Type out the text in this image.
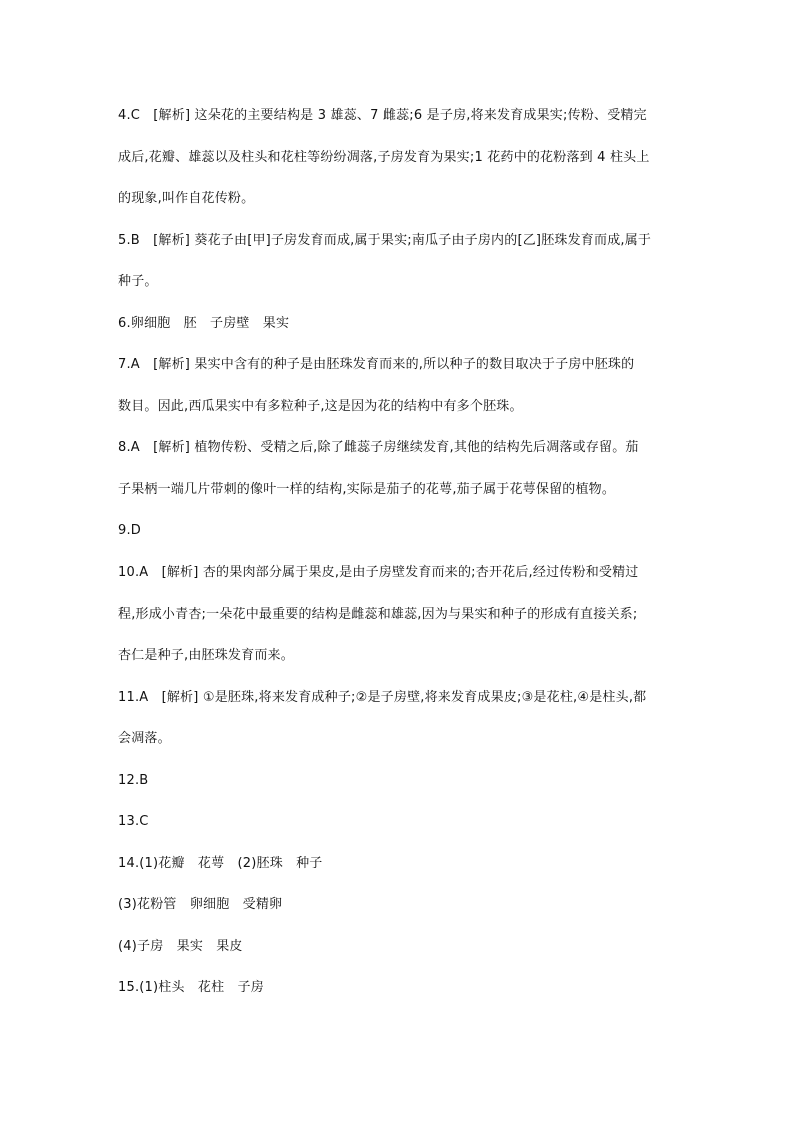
4.C　[解析] 这朵花的主要结构是 3 雄蕊、7 雌蕊;6 是子房,将来发育成果实;传粉、受精完
成后,花瓣、雄蕊以及柱头和花柱等纷纷凋落,子房发育为果实;1 花药中的花粉落到 4 柱头上
的现象,叫作自花传粉。
5.B　[解析] 葵花子由[甲]子房发育而成,属于果实;南瓜子由子房内的[乙]胚珠发育而成,属于
种子。
6.卵细胞　胚　子房壁　果实
7.A　[解析] 果实中含有的种子是由胚珠发育而来的,所以种子的数目取决于子房中胚珠的
数目。因此,西瓜果实中有多粒种子,这是因为花的结构中有多个胚珠。
8.A　[解析] 植物传粉、受精之后,除了雌蕊子房继续发育,其他的结构先后凋落或存留。茄
子果柄一端几片带刺的像叶一样的结构,实际是茄子的花萼,茄子属于花萼保留的植物。
9.D
10.A　[解析] 杏的果肉部分属于果皮,是由子房壁发育而来的;杏开花后,经过传粉和受精过
程,形成小青杏;一朵花中最重要的结构是雌蕊和雄蕊,因为与果实和种子的形成有直接关系;
杏仁是种子,由胚珠发育而来。
11.A　[解析] ①是胚珠,将来发育成种子;②是子房壁,将来发育成果皮;③是花柱,④是柱头,都
会凋落。
12.B
13.C
14.(1)花瓣　花萼　(2)胚珠　种子
(3)花粉管　卵细胞　受精卵
(4)子房　果实　果皮
15.(1)柱头　花柱　子房
